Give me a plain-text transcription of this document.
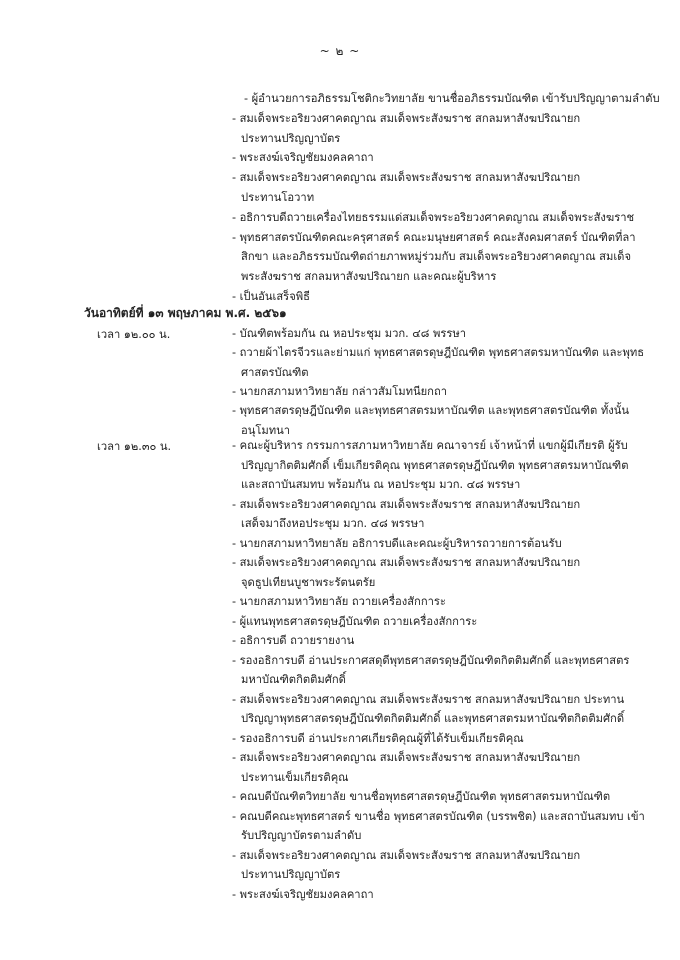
~ ๒ ~
- ผู้อำนวยการอภิธรรมโชติกะวิทยาลัย ขานชื่ออภิธรรมบัณฑิต เข้ารับปริญญาตามลำดับ
- สมเด็จพระอริยวงศาคตญาณ สมเด็จพระสังฆราช สกลมหาสังฆปริณายก
ประทานปริญญาบัตร
- พระสงฆ์เจริญชัยมงคลคาถา
- สมเด็จพระอริยวงศาคตญาณ สมเด็จพระสังฆราช สกลมหาสังฆปริณายก
ประทานโอวาท
- อธิการบดีถวายเครื่องไทยธรรมแด่สมเด็จพระอริยวงศาคตญาณ สมเด็จพระสังฆราช
- พุทธศาสตรบัณฑิตคณะครุศาสตร์ คณะมนุษยศาสตร์ คณะสังคมศาสตร์ บัณฑิตที่ลา
สิกขา และอภิธรรมบัณฑิตถ่ายภาพหมู่ร่วมกับ สมเด็จพระอริยวงศาคตญาณ สมเด็จ
พระสังฆราช สกลมหาสังฆปริณายก และคณะผู้บริหาร
- เป็นอันเสร็จพิธี
วันอาทิตย์ที่ ๑๓ พฤษภาคม พ.ศ. ๒๕๖๑
เวลา ๑๒.๐๐ น.	- บัณฑิตพร้อมกัน ณ หอประชุม มวก. ๔๘ พรรษา
- ถวายผ้าไตรจีวรและย่ามแก่ พุทธศาสตรดุษฎีบัณฑิต พุทธศาสตรมหาบัณฑิต และพุทธ
ศาสตรบัณฑิต
- นายกสภามหาวิทยาลัย กล่าวสัมโมทนียกถา
- พุทธศาสตรดุษฎีบัณฑิต และพุทธศาสตรมหาบัณฑิต และพุทธศาสตรบัณฑิต ทั้งนั้น
อนุโมทนา
เวลา ๑๒.๓๐ น.	- คณะผู้บริหาร กรรมการสภามหาวิทยาลัย คณาจารย์ เจ้าหน้าที่ แขกผู้มีเกียรติ ผู้รับ
ปริญญากิตติมศักดิ์ เข็มเกียรติคุณ พุทธศาสตรดุษฎีบัณฑิต พุทธศาสตรมหาบัณฑิต
และสถาบันสมทบ พร้อมกัน ณ หอประชุม มวก. ๔๘ พรรษา
- สมเด็จพระอริยวงศาคตญาณ สมเด็จพระสังฆราช สกลมหาสังฆปริณายก
เสด็จมาถึงหอประชุม มวก. ๔๘ พรรษา
- นายกสภามหาวิทยาลัย อธิการบดีและคณะผู้บริหารถวายการต้อนรับ
- สมเด็จพระอริยวงศาคตญาณ สมเด็จพระสังฆราช สกลมหาสังฆปริณายก
จุดธูปเทียนบูชาพระรัตนตรัย
- นายกสภามหาวิทยาลัย ถวายเครื่องสักการะ
- ผู้แทนพุทธศาสตรดุษฎีบัณฑิต ถวายเครื่องสักการะ
- อธิการบดี ถวายรายงาน
- รองอธิการบดี อ่านประกาศสดุดีพุทธศาสตรดุษฎีบัณฑิตกิตติมศักดิ์ และพุทธศาสตร
มหาบัณฑิตกิตติมศักดิ์
- สมเด็จพระอริยวงศาคตญาณ สมเด็จพระสังฆราช สกลมหาสังฆปริณายก ประทาน
ปริญญาพุทธศาสตรดุษฎีบัณฑิตกิตติมศักดิ์ และพุทธศาสตรมหาบัณฑิตกิตติมศักดิ์
- รองอธิการบดี อ่านประกาศเกียรติคุณผู้ที่ได้รับเข็มเกียรติคุณ
- สมเด็จพระอริยวงศาคตญาณ สมเด็จพระสังฆราช สกลมหาสังฆปริณายก
ประทานเข็มเกียรติคุณ
- คณบดีบัณฑิตวิทยาลัย ขานชื่อพุทธศาสตรดุษฎีบัณฑิต พุทธศาสตรมหาบัณฑิต
- คณบดีคณะพุทธศาสตร์ ขานชื่อ พุทธศาสตรบัณฑิต (บรรพชิต) และสถาบันสมทบ เข้า
รับปริญญาบัตรตามลำดับ
- สมเด็จพระอริยวงศาคตญาณ สมเด็จพระสังฆราช สกลมหาสังฆปริณายก
ประทานปริญญาบัตร
- พระสงฆ์เจริญชัยมงคลคาถา
